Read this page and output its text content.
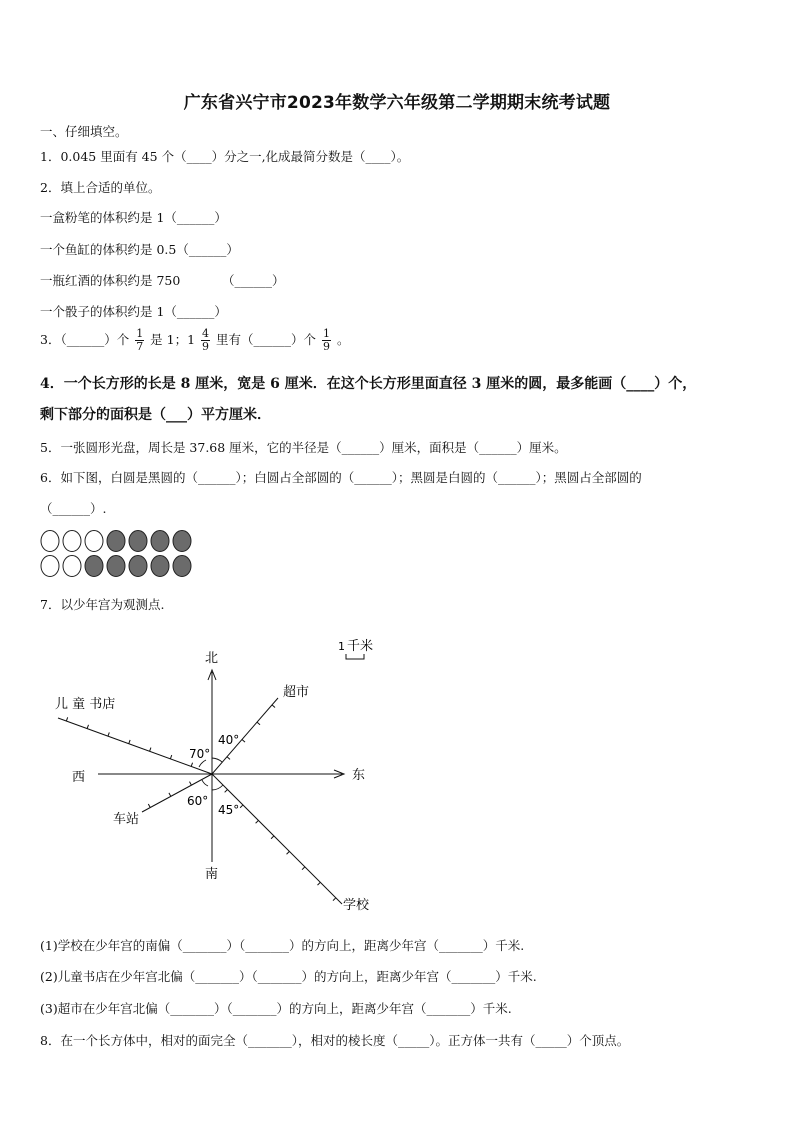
广东省兴宁市2023年数学六年级第二学期期末统考试题
一、仔细填空。
1．0.045 里面有 45 个（____）分之一,化成最简分数是（____）。
2．填上合适的单位。
一盒粉笔的体积约是 1（______）
一个鱼缸的体积约是 0.5（______）
一瓶红酒的体积约是 750	（______）
一个骰子的体积约是 1（______）
3．（______）个 $\frac{1}{7}$ 是 1；$1 \frac{4}{9}$ 里有（______）个 $\frac{1}{9}$ 。
4．一个长方形的长是 8 厘米，宽是 6 厘米．在这个长方形里面直径 3 厘米的圆，最多能画（____）个，
剩下部分的面积是（___）平方厘米．
5．一张圆形光盘，周长是 37.68 厘米，它的半径是（______）厘米，面积是（______）厘米。
6．如下图，白圆是黑圆的（______）；白圆占全部圆的（______）；黑圆是白圆的（______）；黑圆占全部圆的
（______）.
7．以少年宫为观测点.
1 千米
北
南
东
西
70°
40°
60°
45°
儿 童 书店
超市
车站
学校
(1)学校在少年宫的南偏（_______）（_______）的方向上，距离少年宫（_______）千米.
(2)儿童书店在少年宫北偏（_______）（_______）的方向上，距离少年宫（_______）千米.
(3)超市在少年宫北偏（_______）（_______）的方向上，距离少年宫（_______）千米.
8．在一个长方体中，相对的面完全（_______），相对的棱长度（_____）。正方体一共有（_____）个顶点。
